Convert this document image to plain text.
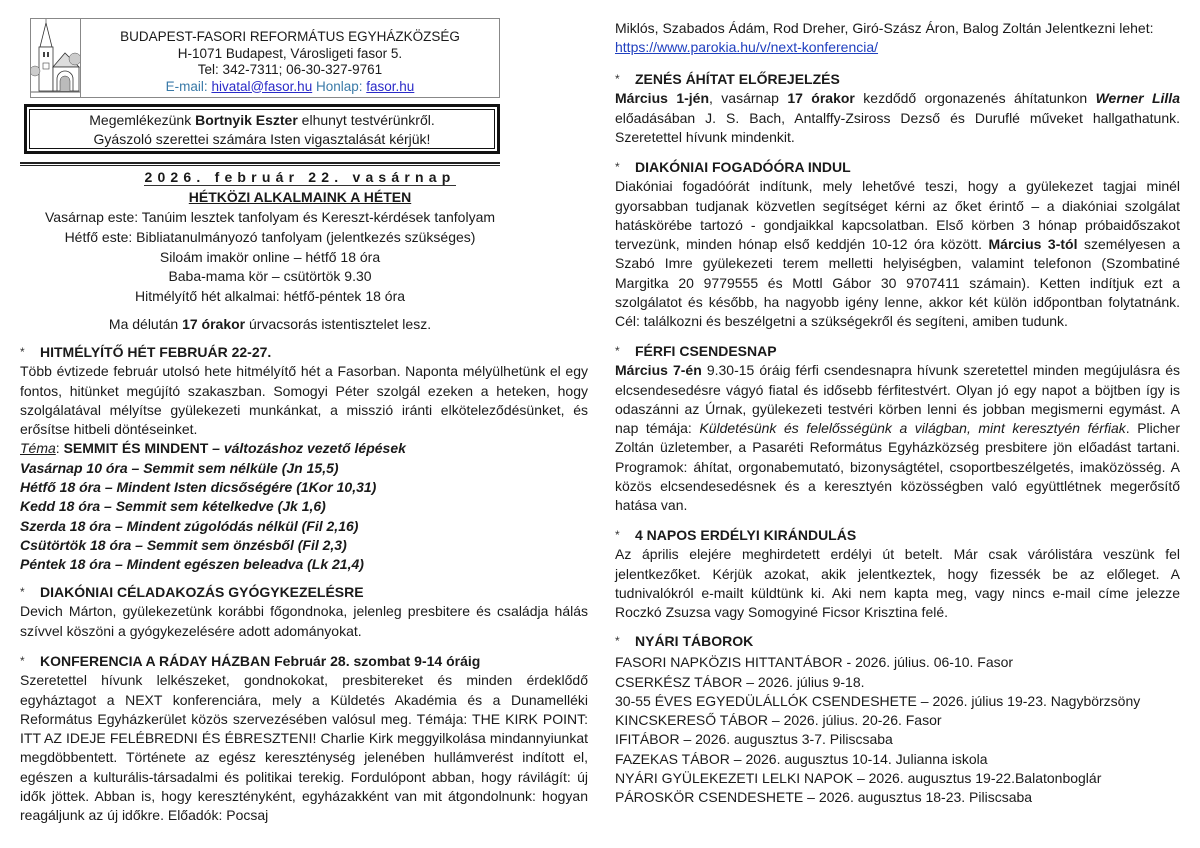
BUDAPEST-FASORI REFORMÁTUS EGYHÁZKÖZSÉG
H-1071 Budapest, Városligeti fasor 5.
Tel: 342-7311; 06-30-327-9761
E-mail: hivatal@fasor.hu Honlap: fasor.hu
Megemlékezünk Bortnyik Eszter elhunyt testvérünkről.
Gyászoló szerettei számára Isten vigasztalását kérjük!
2026. február 22. vasárnap
HÉTKÖZI ALKALMAINK A HÉTEN
Vasárnap este: Tanúim lesztek tanfolyam és Kereszt-kérdések tanfolyam
Hétfő este: Bibliatanulmányozó tanfolyam (jelentkezés szükséges)
Siloám imakör online – hétfő 18 óra
Baba-mama kör – csütörtök 9.30
Hitmélyítő hét alkalmai: hétfő-péntek 18 óra
Ma délután 17 órakor úrvacsorás istentisztelet lesz.
*	HITMÉLYÍTŐ HÉT FEBRUÁR 22-27.
Több évtizede február utolsó hete hitmélyítő hét a Fasorban. Naponta mélyülhetünk el egy fontos, hitünket megújító szakaszban. Somogyi Péter szolgál ezeken a heteken, hogy szolgálatával mélyítse gyülekezeti munkánkat, a misszió iránti elköteleződésünket, és erősítse hitbeli döntéseinket.
Téma: SEMMIT ÉS MINDENT – változáshoz vezető lépések
Vasárnap 10 óra – Semmit sem nélküle (Jn 15,5)
Hétfő 18 óra – Mindent Isten dicsőségére (1Kor 10,31)
Kedd 18 óra – Semmit sem kételkedve (Jk 1,6)
Szerda 18 óra – Mindent zúgolódás nélkül (Fil 2,16)
Csütörtök 18 óra – Semmit sem önzésből (Fil 2,3)
Péntek 18 óra – Mindent egészen beleadva (Lk 21,4)
*	DIAKÓNIAI CÉLADAKOZÁS GYÓGYKEZELÉSRE
Devich Márton, gyülekezetünk korábbi főgondnoka, jelenleg presbitere és családja hálás szívvel köszöni a gyógykezelésére adott adományokat.
*	KONFERENCIA A RÁDAY HÁZBAN Február 28. szombat 9-14 óráig
Szeretettel hívunk lelkészeket, gondnokokat, presbitereket és minden érdeklődő egyháztagot a NEXT konferenciára, mely a Küldetés Akadémia és a Dunamelléki Református Egyházkerület közös szervezésében valósul meg. Témája: THE KIRK POINT: ITT AZ IDEJE FELÉBREDNI ÉS ÉBRESZTENI! Charlie Kirk meggyilkolása mindannyiunkat megdöbbentett. Története az egész kereszténység jelenében hullámverést indított el, egészen a kulturális-társadalmi és politikai terekig. Fordulópont abban, hogy rávilágít: új idők jöttek. Abban is, hogy keresztényként, egyházakként van mit átgondolnunk: hogyan reagáljunk az új időkre. Előadók: Pocsaj
Miklós, Szabados Ádám, Rod Dreher, Giró-Szász Áron, Balog Zoltán Jelentkezni lehet:
https://www.parokia.hu/v/next-konferencia/
*	ZENÉS ÁHÍTAT ELŐREJELZÉS
Március 1-jén, vasárnap 17 órakor kezdődő orgonazenés áhítatunkon Werner Lilla előadásában J. S. Bach, Antalffy-Zsiross Dezső és Duruflé műveket hallgathatunk. Szeretettel hívunk mindenkit.
*	DIAKÓNIAI FOGADÓÓRA INDUL
Diakóniai fogadóórát indítunk, mely lehetővé teszi, hogy a gyülekezet tagjai minél gyorsabban tudjanak közvetlen segítséget kérni az őket érintő – a diakóniai szolgálat hatáskörébe tartozó - gondjaikkal kapcsolatban. Első körben 3 hónap próbaidőszakot tervezünk, minden hónap első keddjén 10-12 óra között. Március 3-tól személyesen a Szabó Imre gyülekezeti terem melletti helyiségben, valamint telefonon (Szombatiné Margitka 20 9779555 és Mottl Gábor 30 9707411 számain). Ketten indítjuk ezt a szolgálatot és később, ha nagyobb igény lenne, akkor két külön időpontban folytatnánk. Cél: találkozni és beszélgetni a szükségekről és segíteni, amiben tudunk.
*	FÉRFI CSENDESNAP
Március 7-én 9.30-15 óráig férfi csendesnapra hívunk szeretettel minden megújulásra és elcsendesedésre vágyó fiatal és idősebb férfitestvért. Olyan jó egy napot a böjtben így is odaszánni az Úrnak, gyülekezeti testvéri körben lenni és jobban megismerni egymást. A nap témája: Küldetésünk és felelősségünk a világban, mint keresztyén férfiak. Plicher Zoltán üzletember, a Pasaréti Református Egyházközség presbitere jön előadást tartani. Programok: áhítat, orgonabemutató, bizonyságtétel, csoportbeszélgetés, imaközösség. A közös elcsendesedésnek és a keresztyén közösségben való együttlétnek megerősítő hatása van.
*	4 NAPOS ERDÉLYI KIRÁNDULÁS
Az április elejére meghirdetett erdélyi út betelt. Már csak várólistára veszünk fel jelentkezőket. Kérjük azokat, akik jelentkeztek, hogy fizessék be az előleget. A tudnivalókról e-mailt küldtünk ki. Aki nem kapta meg, vagy nincs e-mail címe jelezze Roczkó Zsuzsa vagy Somogyiné Ficsor Krisztina felé.
*	NYÁRI TÁBOROK
FASORI NAPKÖZIS HITTANTÁBOR - 2026. július. 06-10. Fasor
CSERKÉSZ TÁBOR – 2026. július 9-18.
30-55 ÉVES EGYEDÜLÁLLÓK CSENDESHETE – 2026. július 19-23. Nagybörzsöny
KINCSKERESŐ TÁBOR – 2026. július. 20-26. Fasor
IFITÁBOR – 2026. augusztus 3-7. Piliscsaba
FAZEKAS TÁBOR – 2026. augusztus 10-14. Julianna iskola
NYÁRI GYÜLEKEZETI LELKI NAPOK – 2026. augusztus 19-22.Balatonboglár
PÁROSKÖR CSENDESHETE – 2026. augusztus 18-23. Piliscsaba
